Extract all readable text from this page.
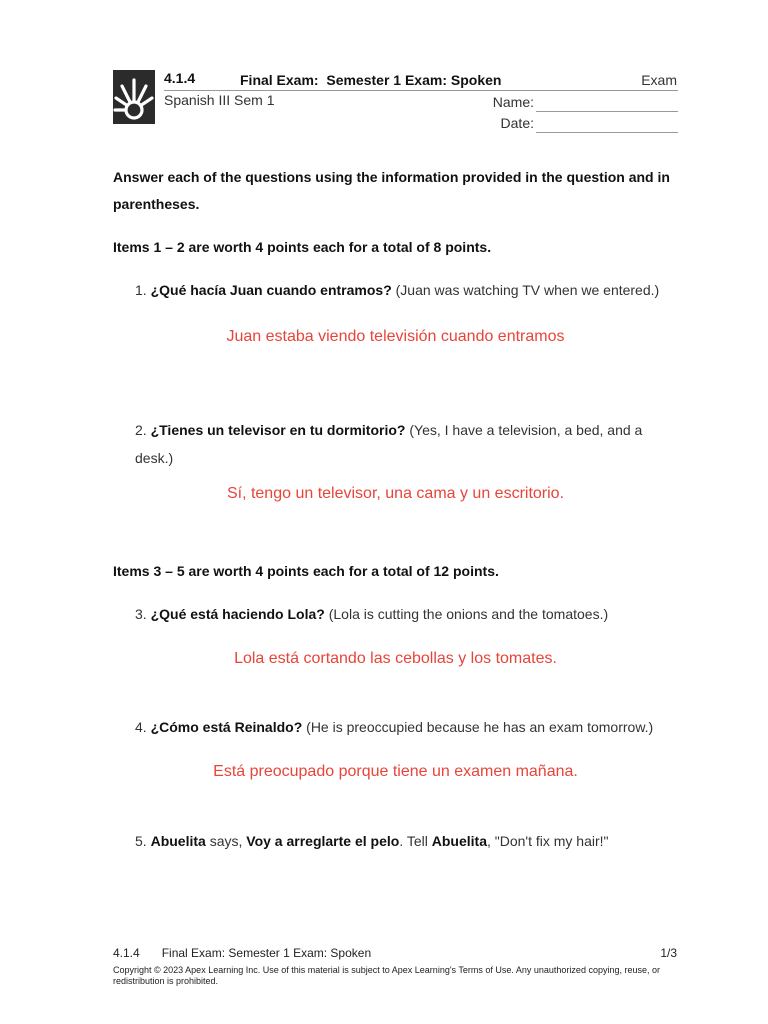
4.1.4	Final Exam:  Semester 1 Exam: Spoken	Exam
Spanish III Sem 1	Name:
Date:
Answer each of the questions using the information provided in the question and in parentheses.
Items 1 – 2 are worth 4 points each for a total of 8 points.
1. ¿Qué hacía Juan cuando entramos? (Juan was watching TV when we entered.)
Juan estaba viendo televisión cuando entramos
2. ¿Tienes un televisor en tu dormitorio? (Yes, I have a television, a bed, and a desk.)
Sí, tengo un televisor, una cama y un escritorio.
Items 3 – 5 are worth 4 points each for a total of 12 points.
3. ¿Qué está haciendo Lola? (Lola is cutting the onions and the tomatoes.)
Lola está cortando las cebollas y los tomates.
4. ¿Cómo está Reinaldo? (He is preoccupied because he has an exam tomorrow.)
Está preocupado porque tiene un examen mañana.
5. Abuelita says, Voy a arreglarte el pelo. Tell Abuelita, "Don't fix my hair!"
4.1.4 Final Exam: Semester 1 Exam: Spoken	1/3
Copyright © 2023 Apex Learning Inc. Use of this material is subject to Apex Learning's Terms of Use. Any unauthorized copying, reuse, or redistribution is prohibited.
